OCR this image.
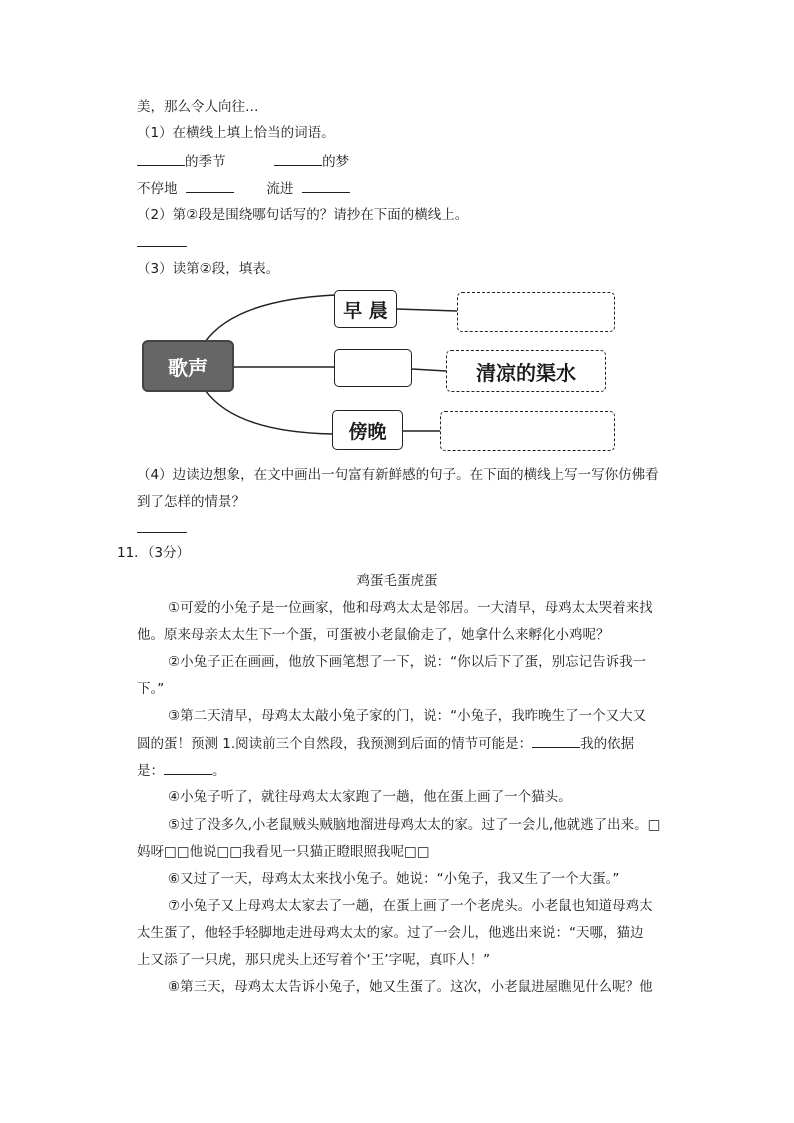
美，那么令人向往…
（1）在横线上填上恰当的词语。
的季节	的梦
不停地	流进
（2）第②段是围绕哪句话写的？请抄在下面的横线上。
（3）读第②段，填表。
歌声
早 晨
清凉的渠水
傍晚
（4）边读边想象，在文中画出一句富有新鲜感的句子。在下面的横线上写一写你仿佛看
到了怎样的情景？
11．（3分）
鸡蛋毛蛋虎蛋
①可爱的小兔子是一位画家，他和母鸡太太是邻居。一大清早，母鸡太太哭着来找
他。原来母亲太太生下一个蛋，可蛋被小老鼠偷走了，她拿什么来孵化小鸡呢？
②小兔子正在画画，他放下画笔想了一下，说：“你以后下了蛋，别忘记告诉我一
下。”
③第二天清早，母鸡太太敲小兔子家的门，说：“小兔子，我昨晚生了一个又大又
圆的蛋！预测 1.阅读前三个自然段，我预测到后面的情节可能是：	我的依据
是：	。
④小兔子听了，就往母鸡太太家跑了一趟，他在蛋上画了一个猫头。
⑤过了没多久,小老鼠贼头贼脑地溜进母鸡太太的家。过了一会儿,他就逃了出来。□
妈呀□□他说□□我看见一只猫正瞪眼照我呢□□
⑥又过了一天，母鸡太太来找小兔子。她说：“小兔子，我又生了一个大蛋。”
⑦小兔子又上母鸡太太家去了一趟，在蛋上画了一个老虎头。小老鼠也知道母鸡太
太生蛋了，他轻手轻脚地走进母鸡太太的家。过了一会儿，他逃出来说：“天哪，猫边
上又添了一只虎，那只虎头上还写着个‘王’字呢，真吓人！”
⑧第三天，母鸡太太告诉小兔子，她又生蛋了。这次，小老鼠进屋瞧见什么呢？他
